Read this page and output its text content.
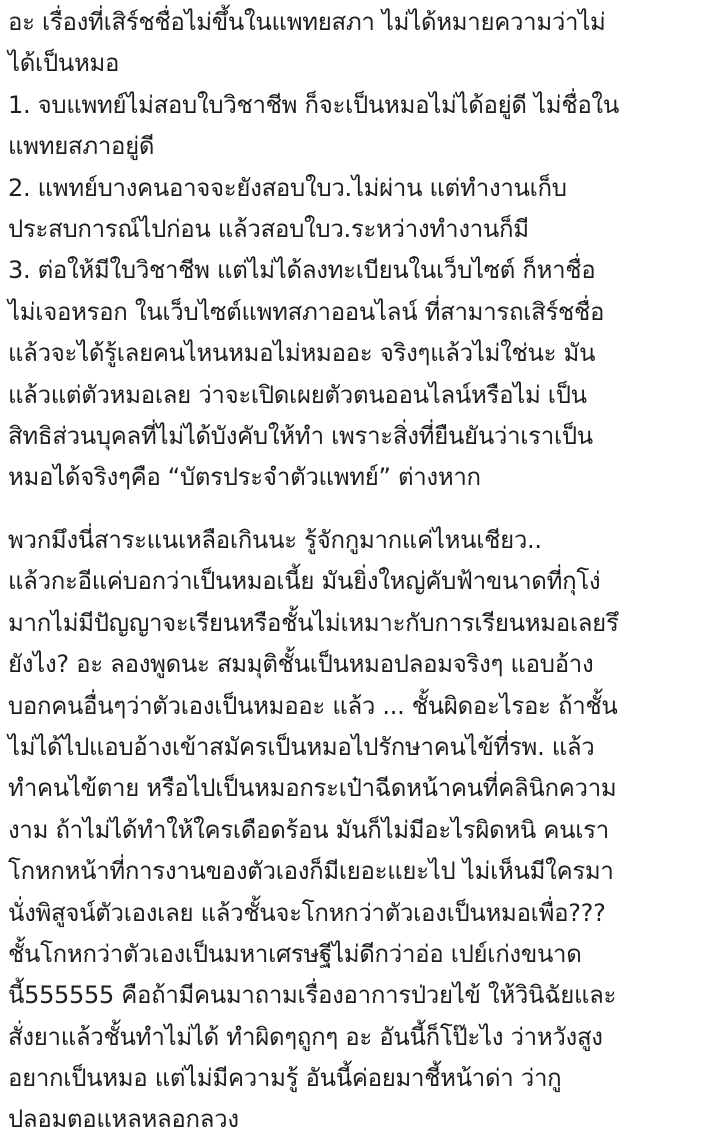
อะ เรื่องที่เสิร์ชชื่อไม่ขึ้นในแพทยสภา ไม่ได้หมายความว่าไม่
ได้เป็นหมอ
1. จบแพทย์ไม่สอบใบวิชาชีพ ก็จะเป็นหมอไม่ได้อยู่ดี ไม่ชื่อใน
แพทยสภาอยู่ดี
2. แพทย์บางคนอาจจะยังสอบใบว.ไม่ผ่าน แต่ทำงานเก็บ
ประสบการณ์ไปก่อน แล้วสอบใบว.ระหว่างทำงานก็มี
3. ต่อให้มีใบวิชาชีพ แต่ไม่ได้ลงทะเบียนในเว็บไซต์ ก็หาชื่อ
ไม่เจอหรอก ในเว็บไซต์แพทสภาออนไลน์ ที่สามารถเสิร์ชชื่อ
แล้วจะได้รู้เลยคนไหนหมอไม่หมออะ จริงๆแล้วไม่ใช่นะ มัน
แล้วแต่ตัวหมอเลย ว่าจะเปิดเผยตัวตนออนไลน์หรือไม่ เป็น
สิทธิส่วนบุคลที่ไม่ได้บังคับให้ทำ เพราะสิ่งที่ยืนยันว่าเราเป็น
หมอได้จริงๆคือ “บัตรประจำตัวแพทย์” ต่างหาก
พวกมึงนี่สาระแนเหลือเกินนะ รู้จักกูมากแค่ไหนเชียว..
แล้วกะอีแค่บอกว่าเป็นหมอเนี้ย มันยิ่งใหญ่คับฟ้าขนาดที่กุโง่
มากไม่มีปัญญาจะเรียนหรือชั้นไม่เหมาะกับการเรียนหมอเลยรึ
ยังไง? อะ ลองพูดนะ สมมุติชั้นเป็นหมอปลอมจริงๆ แอบอ้าง
บอกคนอื่นๆว่าตัวเองเป็นหมออะ แล้ว ... ชั้นผิดอะไรอะ ถ้าชั้น
ไม่ได้ไปแอบอ้างเข้าสมัครเป็นหมอไปรักษาคนไข้ที่รพ. แล้ว
ทำคนไข้ตาย หรือไปเป็นหมอกระเป๋าฉีดหน้าคนที่คลินิกความ
งาม ถ้าไม่ได้ทำให้ใครเดือดร้อน มันก็ไม่มีอะไรผิดหนิ คนเรา
โกหกหน้าที่การงานของตัวเองก็มีเยอะแยะไป ไม่เห็นมีใครมา
นั่งพิสูจน์ตัวเองเลย แล้วชั้นจะโกหกว่าตัวเองเป็นหมอเพื่อ???
ชั้นโกหกว่าตัวเองเป็นมหาเศรษฐีไม่ดีกว่าอ่อ เปย์เก่งขนาด
นี้555555 คือถ้ามีคนมาถามเรื่องอาการป่วยไข้ ให้วินิฉัยและ
สั่งยาแล้วชั้นทำไม่ได้ ทำผิดๆถูกๆ อะ อันนี้ก็โป๊ะไง ว่าหวังสูง
อยากเป็นหมอ แต่ไม่มีความรู้ อันนี้ค่อยมาชี้หน้าด่า ว่ากู
ปลอมตอแหลหลอกลวง
